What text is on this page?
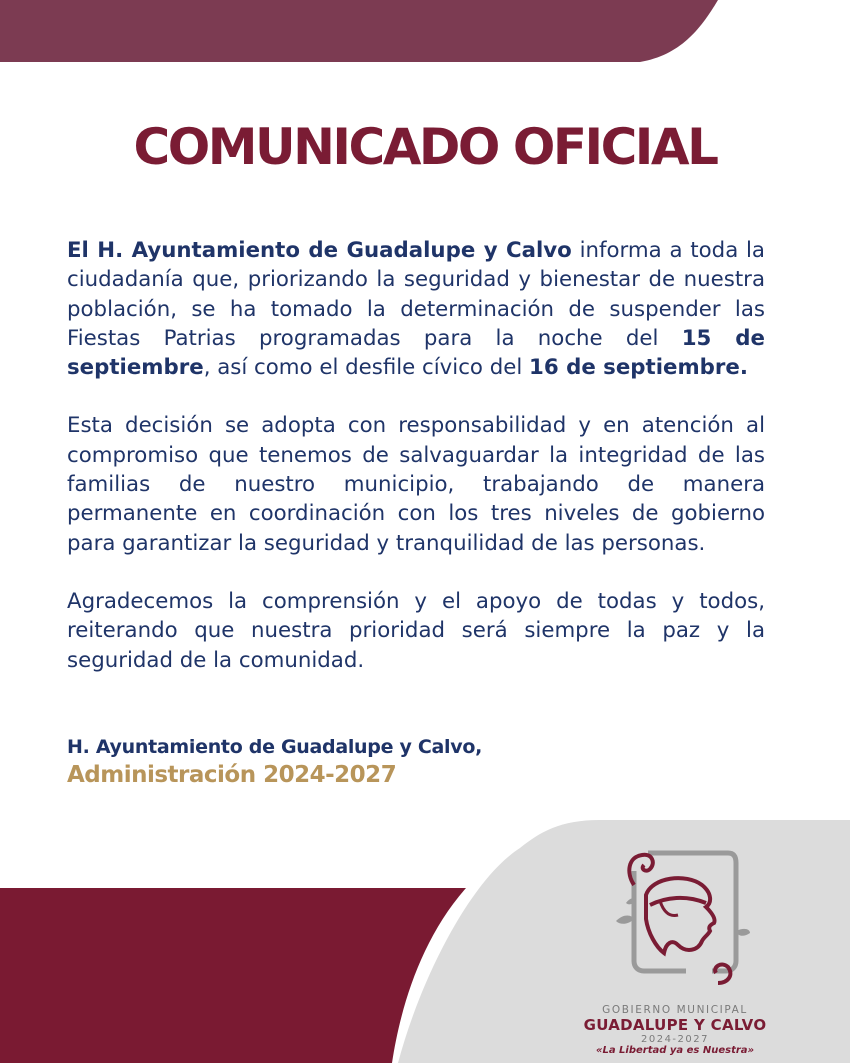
COMUNICADO OFICIAL

El H. Ayuntamiento de Guadalupe y Calvo informa a toda la ciudadanía que, priorizando la seguridad y bienestar de nuestra población, se ha tomado la determinación de suspender las Fiestas Patrias programadas para la noche del 15 de septiembre, así como el desfile cívico del 16 de septiembre.

Esta decisión se adopta con responsabilidad y en atención al compromiso que tenemos de salvaguardar la integridad de las familias de nuestro municipio, trabajando de manera permanente en coordinación con los tres niveles de gobierno para garantizar la seguridad y tranquilidad de las personas.

Agradecemos la comprensión y el apoyo de todas y todos, reiterando que nuestra prioridad será siempre la paz y la seguridad de la comunidad.

H. Ayuntamiento de Guadalupe y Calvo,
Administración 2024-2027
GOBIERNO MUNICIPAL
GUADALUPE Y CALVO
2024-2027
«La Libertad ya es Nuestra»
